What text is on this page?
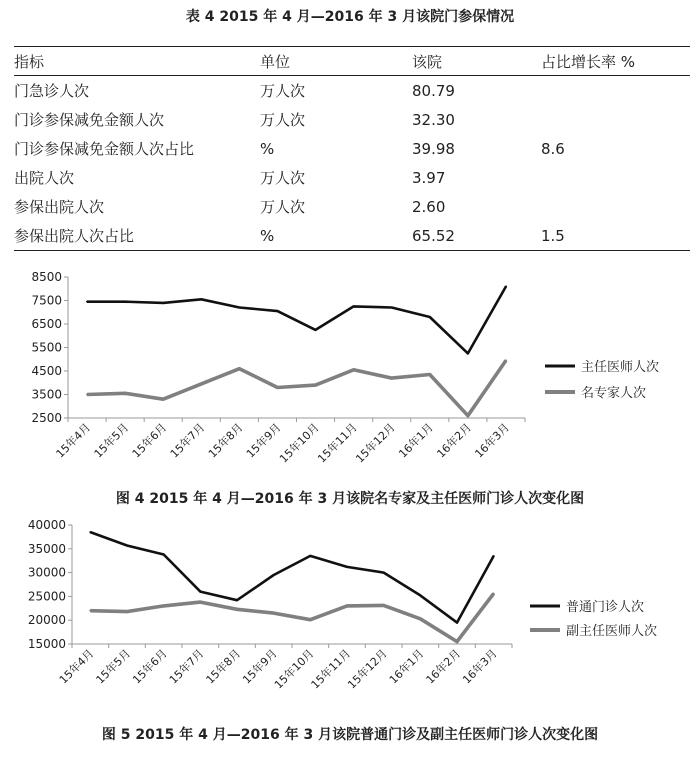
表 4 2015 年 4 月—2016 年 3 月该院门参保情况
指标	单位	该院	占比增长率 %
门急诊人次	万人次	80.79	
门诊参保减免金额人次	万人次	32.30	
门诊参保减免金额人次占比	%	39.98	8.6
出院人次	万人次	3.97	
参保出院人次	万人次	2.60	
参保出院人次占比	%	65.52	1.5
8500
7500
6500
5500
4500
3500
2500
15年4月
15年5月
15年6月
15年7月
15年8月
15年9月
15年10月
15年11月
15年12月
16年1月
16年2月
16年3月
主任医师人次
名专家人次
图 4 2015 年 4 月—2016 年 3 月该院名专家及主任医师门诊人次变化图
40000
35000
30000
25000
20000
15000
15年4月
15年5月
15年6月
15年7月
15年8月
15年9月
15年10月
15年11月
15年12月
16年1月
16年2月
16年3月
普通门诊人次
副主任医师人次
图 5 2015 年 4 月—2016 年 3 月该院普通门诊及副主任医师门诊人次变化图
